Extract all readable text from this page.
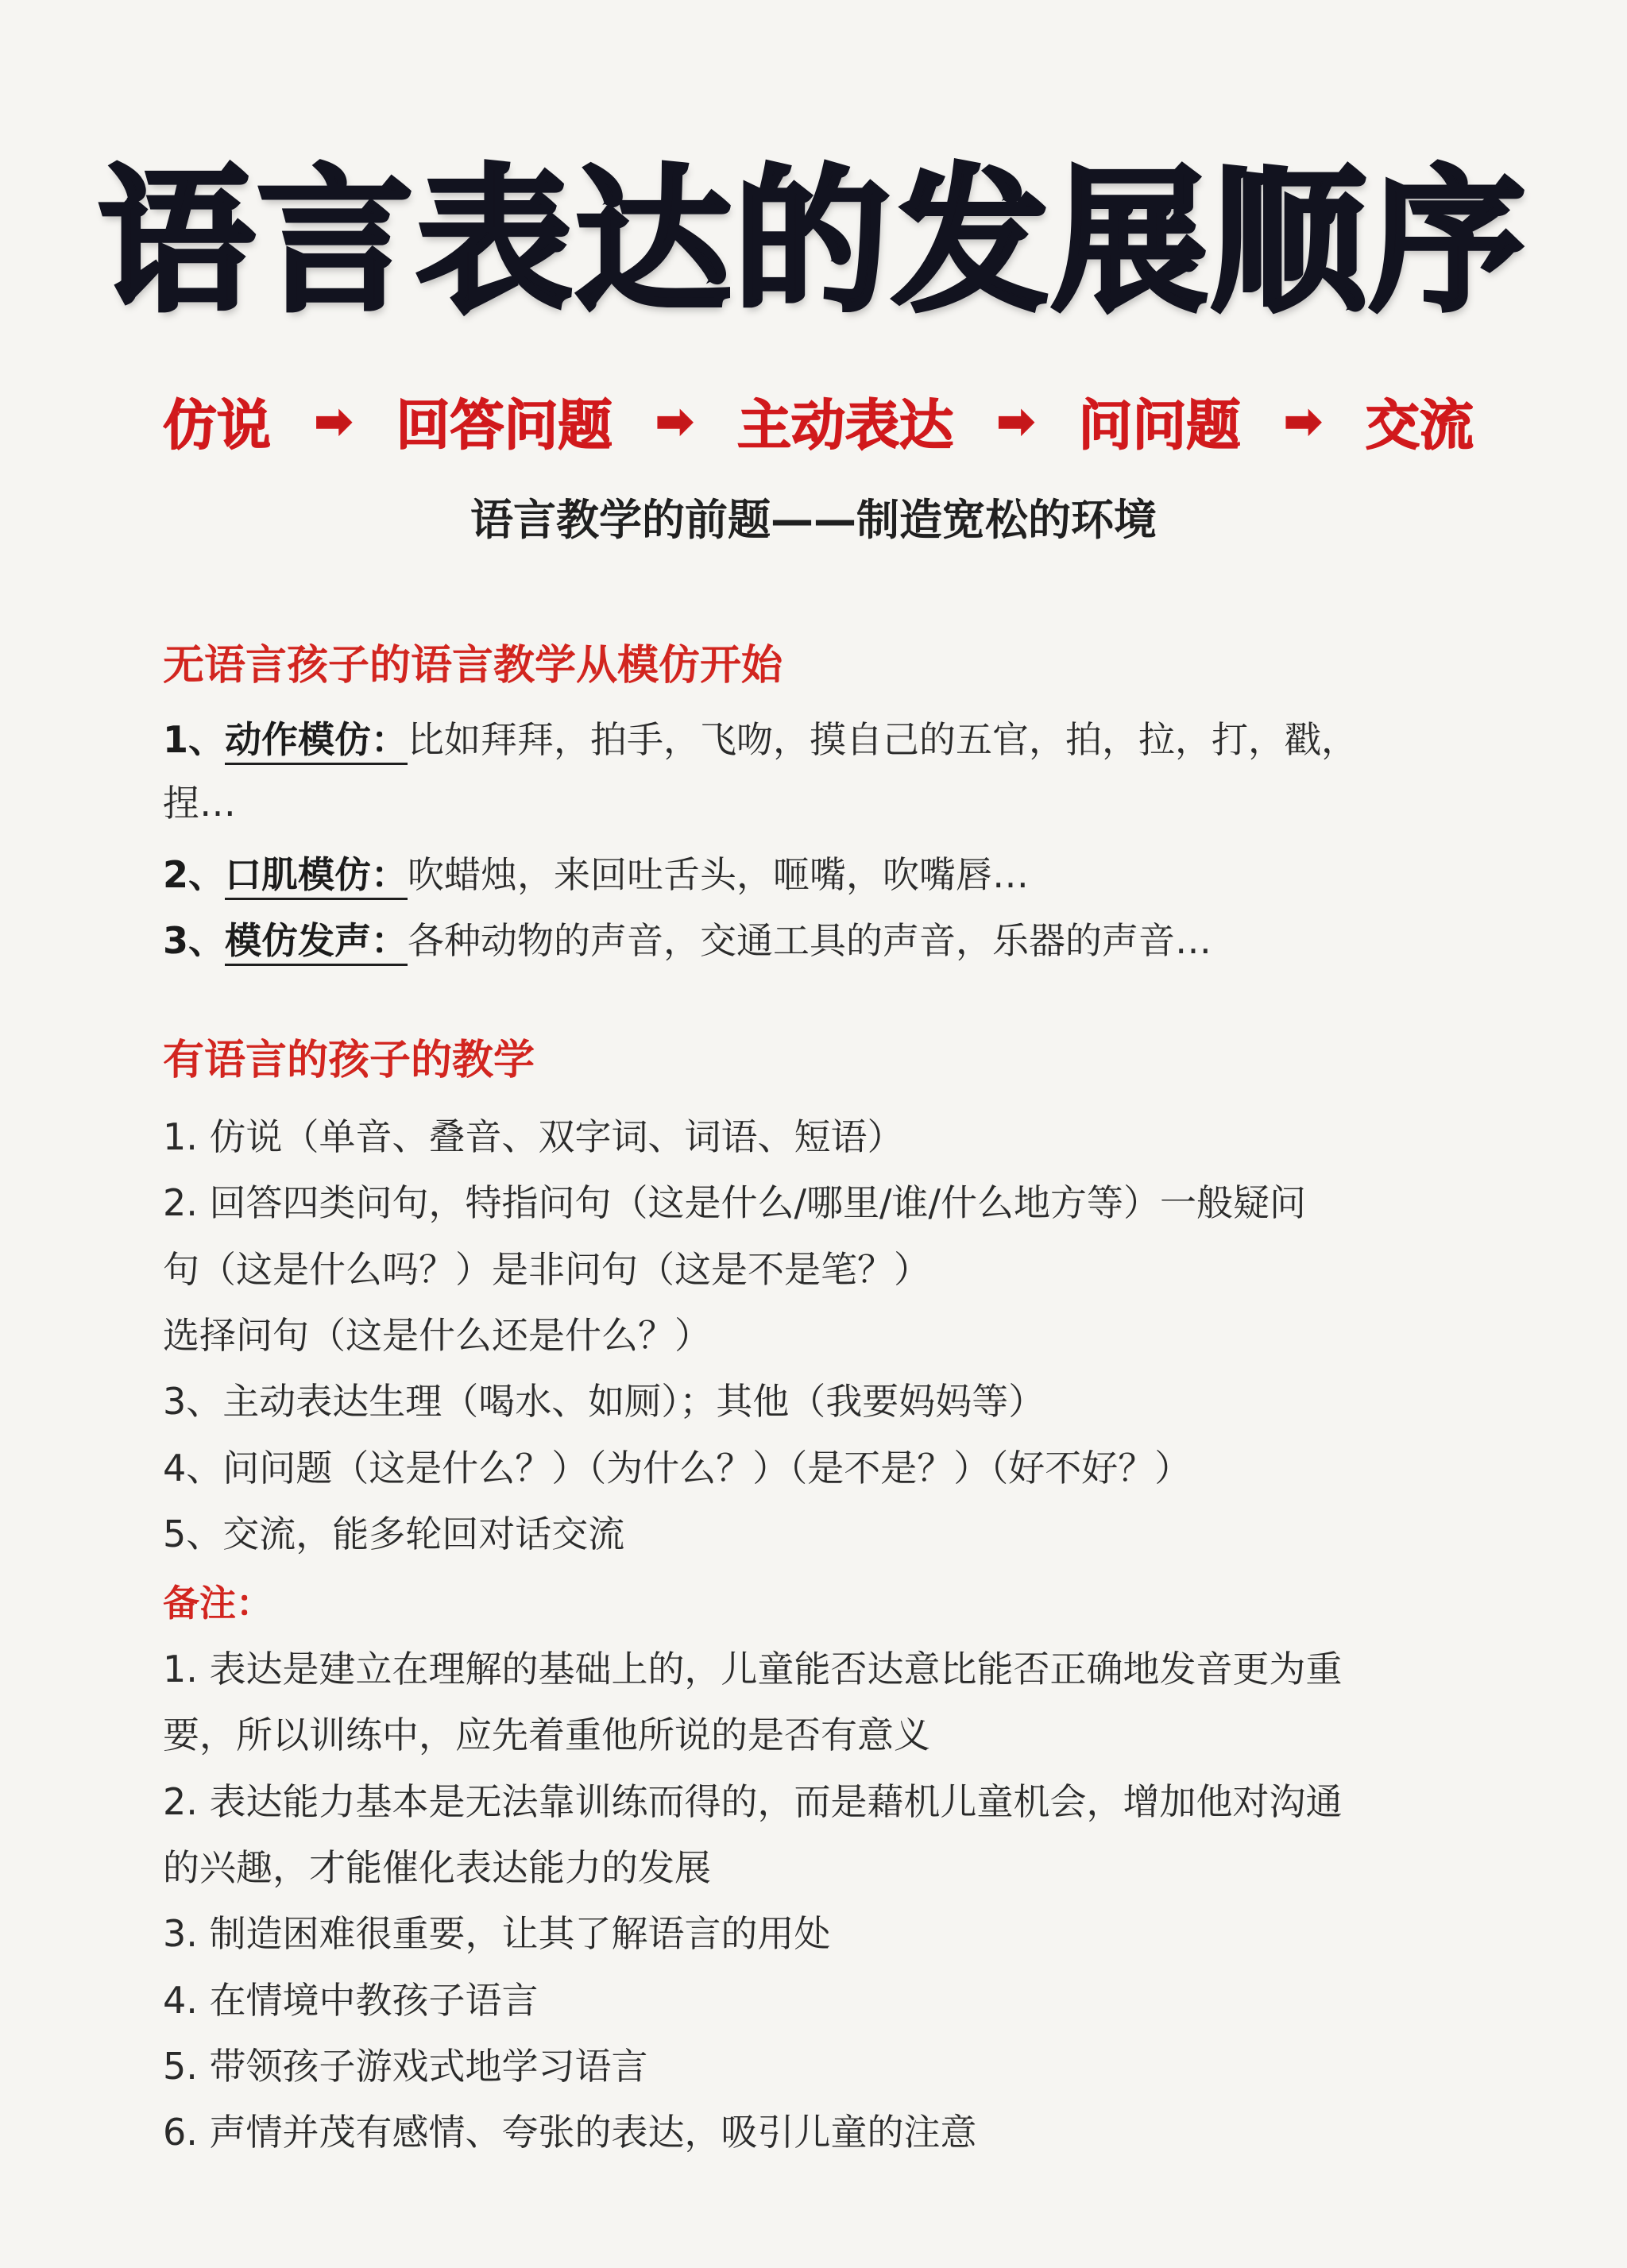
语言表达的发展顺序
仿说 ➡ 回答问题 ➡ 主动表达 ➡ 问问题 ➡ 交流
语言教学的前题——制造宽松的环境
无语言孩子的语言教学从模仿开始
1、动作模仿：比如拜拜，拍手，飞吻，摸自己的五官，拍，拉，打，戳，
捏…
2、口肌模仿：吹蜡烛，来回吐舌头，咂嘴，吹嘴唇…
3、模仿发声：各种动物的声音，交通工具的声音，乐器的声音…
有语言的孩子的教学
1. 仿说（单音、叠音、双字词、词语、短语）
2. 回答四类问句，特指问句（这是什么/哪里/谁/什么地方等）一般疑问
句（这是什么吗？）是非问句（这是不是笔？）
选择问句（这是什么还是什么？）
3、主动表达生理（喝水、如厕）；其他（我要妈妈等）
4、问问题（这是什么？）（为什么？）（是不是？）（好不好？）
5、交流，能多轮回对话交流
备注：
1. 表达是建立在理解的基础上的，儿童能否达意比能否正确地发音更为重
要，所以训练中，应先着重他所说的是否有意义
2. 表达能力基本是无法靠训练而得的，而是藉机儿童机会，增加他对沟通
的兴趣，才能催化表达能力的发展
3. 制造困难很重要，让其了解语言的用处
4. 在情境中教孩子语言
5. 带领孩子游戏式地学习语言
6. 声情并茂有感情、夸张的表达，吸引儿童的注意
